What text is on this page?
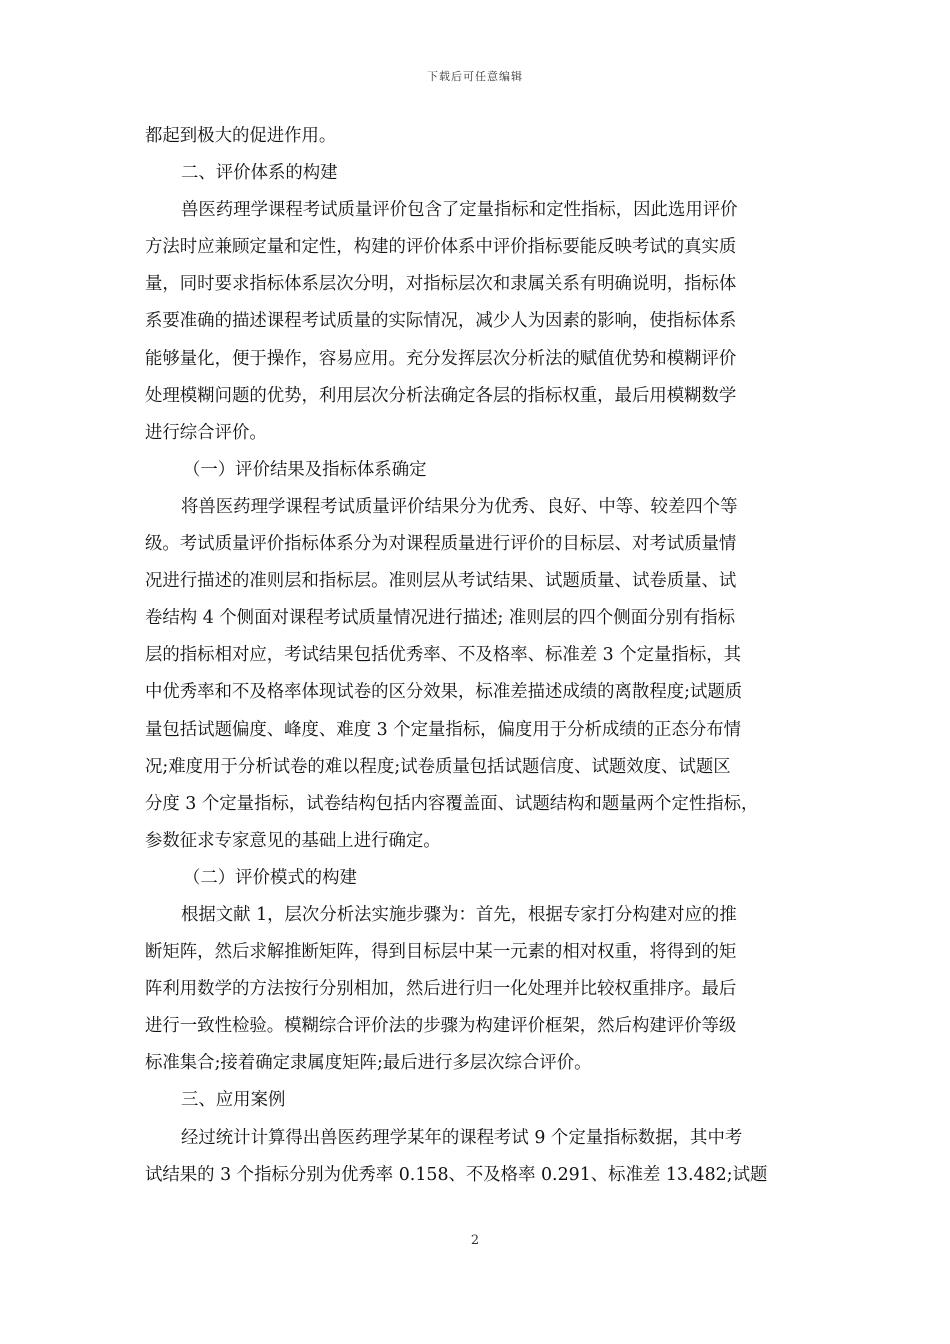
下载后可任意编辑
都起到极大的促进作用。
二、评价体系的构建
兽医药理学课程考试质量评价包含了定量指标和定性指标，因此选用评价
方法时应兼顾定量和定性，构建的评价体系中评价指标要能反映考试的真实质
量，同时要求指标体系层次分明，对指标层次和隶属关系有明确说明，指标体
系要准确的描述课程考试质量的实际情况，减少人为因素的影响，使指标体系
能够量化，便于操作，容易应用。充分发挥层次分析法的赋值优势和模糊评价
处理模糊问题的优势，利用层次分析法确定各层的指标权重，最后用模糊数学
进行综合评价。
（一）评价结果及指标体系确定
将兽医药理学课程考试质量评价结果分为优秀、良好、中等、较差四个等
级。考试质量评价指标体系分为对课程质量进行评价的目标层、对考试质量情
况进行描述的准则层和指标层。准则层从考试结果、试题质量、试卷质量、试
卷结构 4 个侧面对课程考试质量情况进行描述; 准则层的四个侧面分别有指标
层的指标相对应，考试结果包括优秀率、不及格率、标准差 3 个定量指标，其
中优秀率和不及格率体现试卷的区分效果，标准差描述成绩的离散程度;试题质
量包括试题偏度、峰度、难度 3 个定量指标，偏度用于分析成绩的正态分布情
况;难度用于分析试卷的难以程度;试卷质量包括试题信度、试题效度、试题区
分度 3 个定量指标，试卷结构包括内容覆盖面、试题结构和题量两个定性指标，
参数征求专家意见的基础上进行确定。
（二）评价模式的构建
根据文献 1，层次分析法实施步骤为：首先，根据专家打分构建对应的推
断矩阵，然后求解推断矩阵，得到目标层中某一元素的相对权重，将得到的矩
阵利用数学的方法按行分别相加，然后进行归一化处理并比较权重排序。最后
进行一致性检验。模糊综合评价法的步骤为构建评价框架，然后构建评价等级
标准集合;接着确定隶属度矩阵;最后进行多层次综合评价。
三、应用案例
经过统计计算得出兽医药理学某年的课程考试 9 个定量指标数据，其中考
试结果的 3 个指标分别为优秀率 0.158、不及格率 0.291、标准差 13.482;试题
2
